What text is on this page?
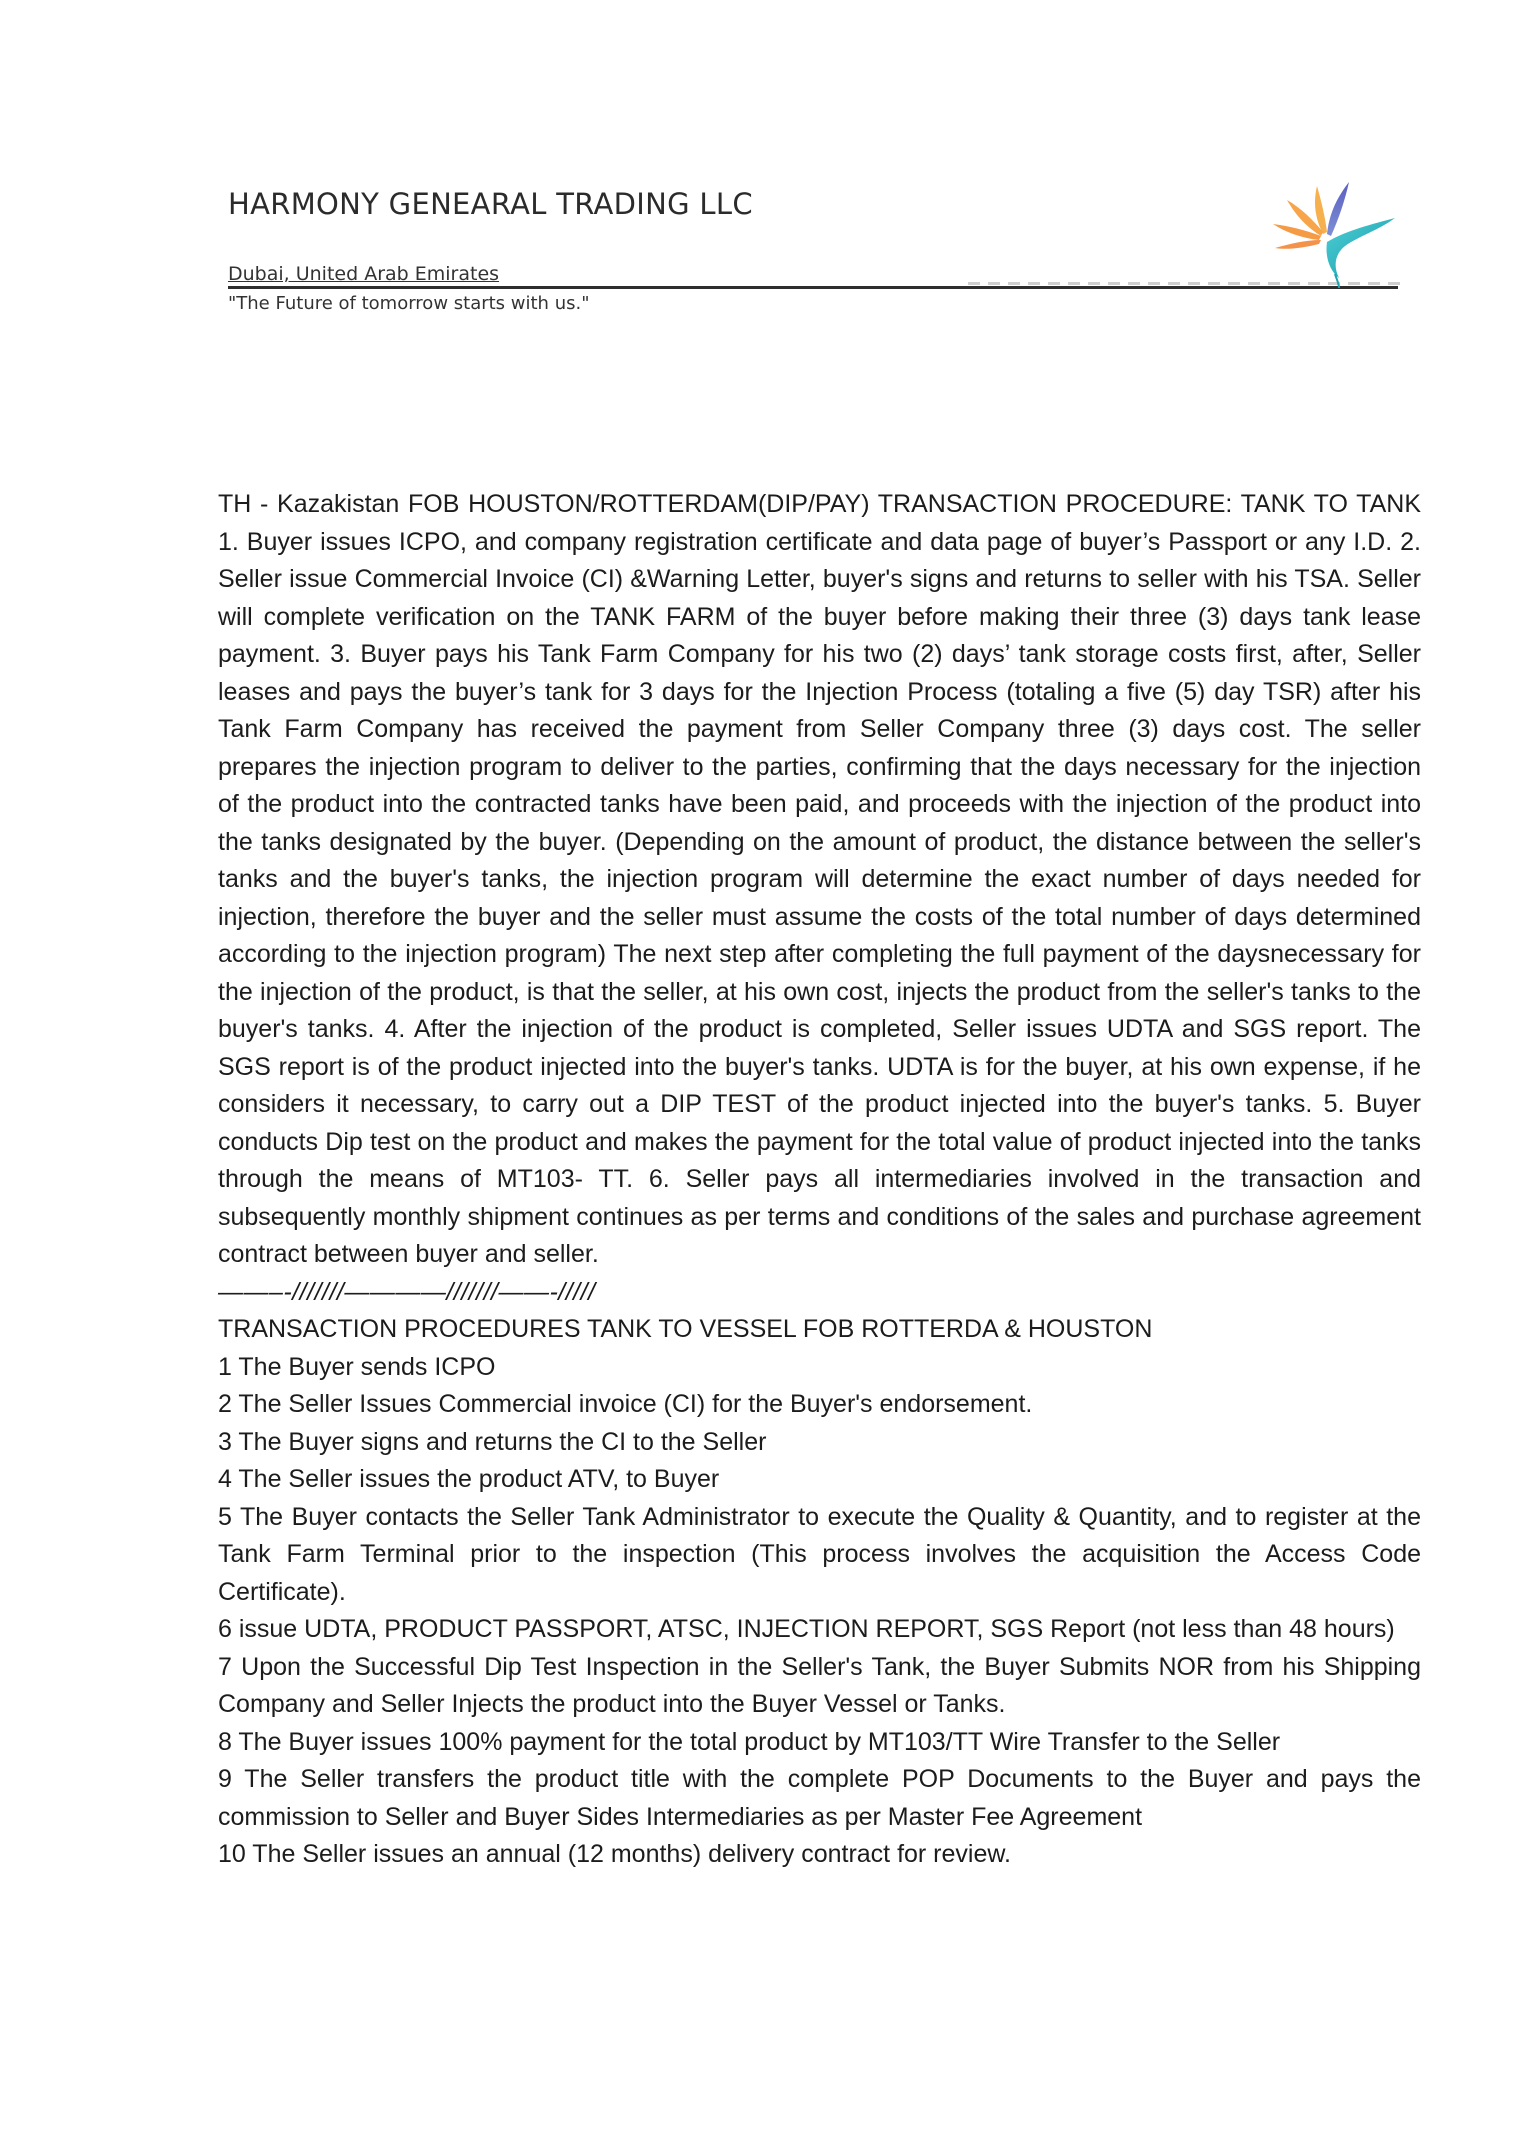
HARMONY GENEARAL TRADING LLC
Dubai, United Arab Emirates
"The Future of tomorrow starts with us."

TH - Kazakistan FOB HOUSTON/ROTTERDAM(DIP/PAY) TRANSACTION PROCEDURE: TANK TO TANK 1. Buyer issues ICPO, and company registration certificate and data page of buyer’s Passport or any I.D. 2. Seller issue Commercial Invoice (CI) &Warning Letter, buyer's signs and returns to seller with his TSA. Seller will complete verification on the TANK FARM of the buyer before making their three (3) days tank lease payment. 3. Buyer pays his Tank Farm Company for his two (2) days’ tank storage costs first, after, Seller leases and pays the buyer’s tank for 3 days for the Injection Process (totaling a five (5) day TSR) after his Tank Farm Company has received the payment from Seller Company three (3) days cost. The seller prepares the injection program to deliver to the parties, confirming that the days necessary for the injection of the product into the contracted tanks have been paid, and proceeds with the injection of the product into the tanks designated by the buyer. (Depending on the amount of product, the distance between the seller's tanks and the buyer's tanks, the injection program will determine the exact number of days needed for injection, therefore the buyer and the seller must assume the costs of the total number of days determined according to the injection program) The next step after completing the full payment of the daysnecessary for the injection of the product, is that the seller, at his own cost, injects the product from the seller's tanks to the buyer's tanks. 4. After the injection of the product is completed, Seller issues UDTA and SGS report. The SGS report is of the product injected into the buyer's tanks. UDTA is for the buyer, at his own expense, if he considers it necessary, to carry out a DIP TEST of the product injected into the buyer's tanks. 5. Buyer conducts Dip test on the product and makes the payment for the total value of product injected into the tanks through the means of MT103- TT. 6. Seller pays all intermediaries involved in the transaction and subsequently monthly shipment continues as per terms and conditions of the sales and purchase agreement contract between buyer and seller.

——–-///////————///////——-/////

TRANSACTION PROCEDURES TANK TO VESSEL FOB ROTTERDA & HOUSTON
1 The Buyer sends ICPO
2 The Seller Issues Commercial invoice (CI) for the Buyer's endorsement.
3 The Buyer signs and returns the CI to the Seller
4 The Seller issues the product ATV, to Buyer
5 The Buyer contacts the Seller Tank Administrator to execute the Quality & Quantity, and to register at the Tank Farm Terminal prior to the inspection (This process involves the acquisition the Access Code Certificate).
6 issue UDTA, PRODUCT PASSPORT, ATSC, INJECTION REPORT, SGS Report (not less than 48 hours)
7 Upon the Successful Dip Test Inspection in the Seller's Tank, the Buyer Submits NOR from his Shipping Company and Seller Injects the product into the Buyer Vessel or Tanks.
8 The Buyer issues 100% payment for the total product by MT103/TT Wire Transfer to the Seller
9 The Seller transfers the product title with the complete POP Documents to the Buyer and pays the commission to Seller and Buyer Sides Intermediaries as per Master Fee Agreement
10 The Seller issues an annual (12 months) delivery contract for review.
